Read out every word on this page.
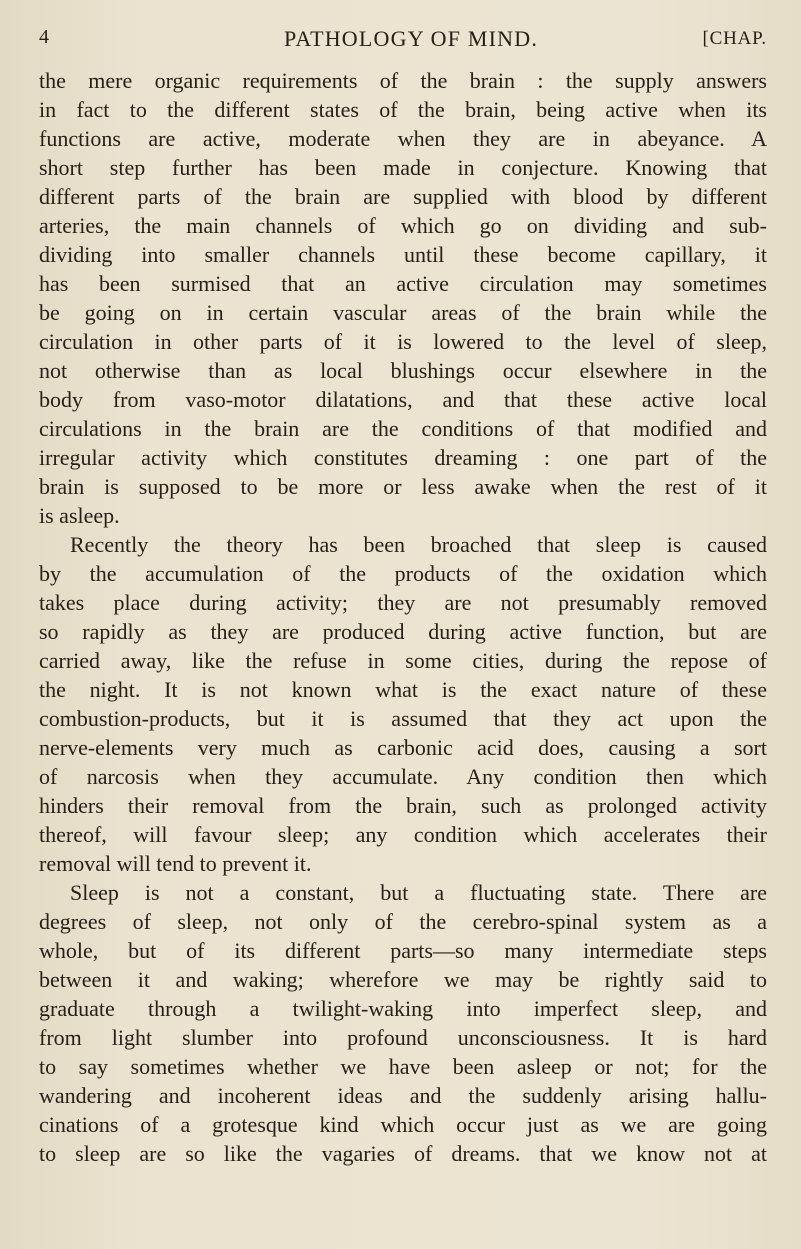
4	PATHOLOGY OF MIND.	[CHAP.
the mere organic requirements of the brain : the supply answers
in fact to the different states of the brain, being active when its
functions are active, moderate when they are in abeyance. A
short step further has been made in conjecture. Knowing that
different parts of the brain are supplied with blood by different
arteries, the main channels of which go on dividing and sub-
dividing into smaller channels until these become capillary, it
has been surmised that an active circulation may sometimes
be going on in certain vascular areas of the brain while the
circulation in other parts of it is lowered to the level of sleep,
not otherwise than as local blushings occur elsewhere in the
body from vaso-motor dilatations, and that these active local
circulations in the brain are the conditions of that modified and
irregular activity which constitutes dreaming : one part of the
brain is supposed to be more or less awake when the rest of it
is asleep.
Recently the theory has been broached that sleep is caused
by the accumulation of the products of the oxidation which
takes place during activity; they are not presumably removed
so rapidly as they are produced during active function, but are
carried away, like the refuse in some cities, during the repose of
the night. It is not known what is the exact nature of these
combustion-products, but it is assumed that they act upon the
nerve-elements very much as carbonic acid does, causing a sort
of narcosis when they accumulate. Any condition then which
hinders their removal from the brain, such as prolonged activity
thereof, will favour sleep; any condition which accelerates their
removal will tend to prevent it.
Sleep is not a constant, but a fluctuating state. There are
degrees of sleep, not only of the cerebro-spinal system as a
whole, but of its different parts—so many intermediate steps
between it and waking; wherefore we may be rightly said to
graduate through a twilight-waking into imperfect sleep, and
from light slumber into profound unconsciousness. It is hard
to say sometimes whether we have been asleep or not; for the
wandering and incoherent ideas and the suddenly arising hallu-
cinations of a grotesque kind which occur just as we are going
to sleep are so like the vagaries of dreams. that we know not at
